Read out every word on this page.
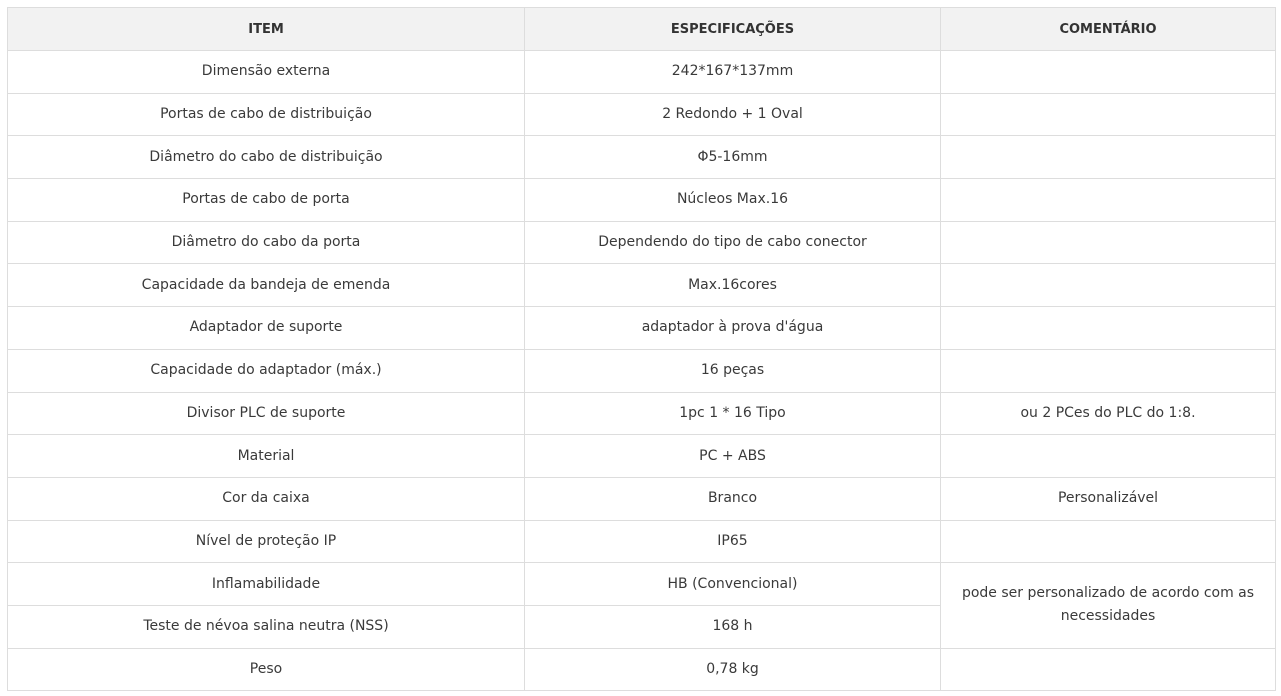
ITEM	ESPECIFICAÇÕES	COMENTÁRIO
Dimensão externa	242*167*137mm	
Portas de cabo de distribuição	2 Redondo + 1 Oval	
Diâmetro do cabo de distribuição	Φ5-16mm	
Portas de cabo de porta	Núcleos Max.16	
Diâmetro do cabo da porta	Dependendo do tipo de cabo conector	
Capacidade da bandeja de emenda	Max.16cores	
Adaptador de suporte	adaptador à prova d'água	
Capacidade do adaptador (máx.)	16 peças	
Divisor PLC de suporte	1pc 1 * 16 Tipo	ou 2 PCes do PLC do 1:8.
Material	PC + ABS	
Cor da caixa	Branco	Personalizável
Nível de proteção IP	IP65	
Inflamabilidade	HB (Convencional)	pode ser personalizado de acordo com as necessidades
Teste de névoa salina neutra (NSS)	168 h	
Peso	0,78 kg	
